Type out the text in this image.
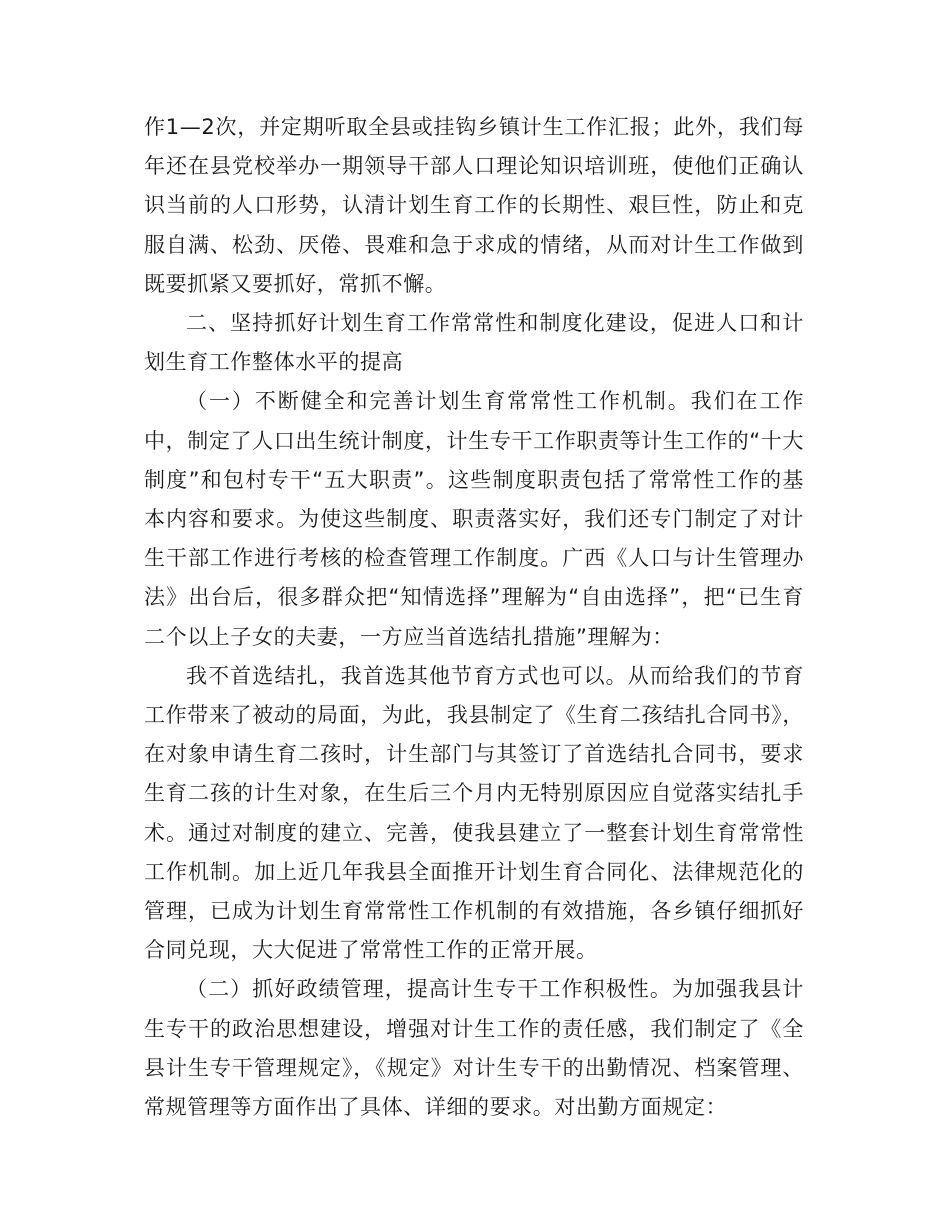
作1—2次，并定期听取全县或挂钩乡镇计生工作汇报；此外，我们每年还在县党校举办一期领导干部人口理论知识培训班，使他们正确认识当前的人口形势，认清计划生育工作的长期性、艰巨性，防止和克服自满、松劲、厌倦、畏难和急于求成的情绪，从而对计生工作做到既要抓紧又要抓好，常抓不懈。

二、坚持抓好计划生育工作常常性和制度化建设，促进人口和计划生育工作整体水平的提高

（一）不断健全和完善计划生育常常性工作机制。我们在工作中，制定了人口出生统计制度，计生专干工作职责等计生工作的“十大制度”和包村专干“五大职责”。这些制度职责包括了常常性工作的基本内容和要求。为使这些制度、职责落实好，我们还专门制定了对计生干部工作进行考核的检查管理工作制度。广西《人口与计生管理办法》出台后，很多群众把“知情选择”理解为“自由选择”，把“已生育二个以上子女的夫妻，一方应当首选结扎措施”理解为：

我不首选结扎，我首选其他节育方式也可以。从而给我们的节育工作带来了被动的局面，为此，我县制定了《生育二孩结扎合同书》，在对象申请生育二孩时，计生部门与其签订了首选结扎合同书，要求生育二孩的计生对象，在生后三个月内无特别原因应自觉落实结扎手术。通过对制度的建立、完善，使我县建立了一整套计划生育常常性工作机制。加上近几年我县全面推开计划生育合同化、法律规范化的管理，已成为计划生育常常性工作机制的有效措施，各乡镇仔细抓好合同兑现，大大促进了常常性工作的正常开展。

（二）抓好政绩管理，提高计生专干工作积极性。为加强我县计生专干的政治思想建设，增强对计生工作的责任感，我们制定了《全县计生专干管理规定》，《规定》对计生专干的出勤情况、档案管理、常规管理等方面作出了具体、详细的要求。对出勤方面规定：
